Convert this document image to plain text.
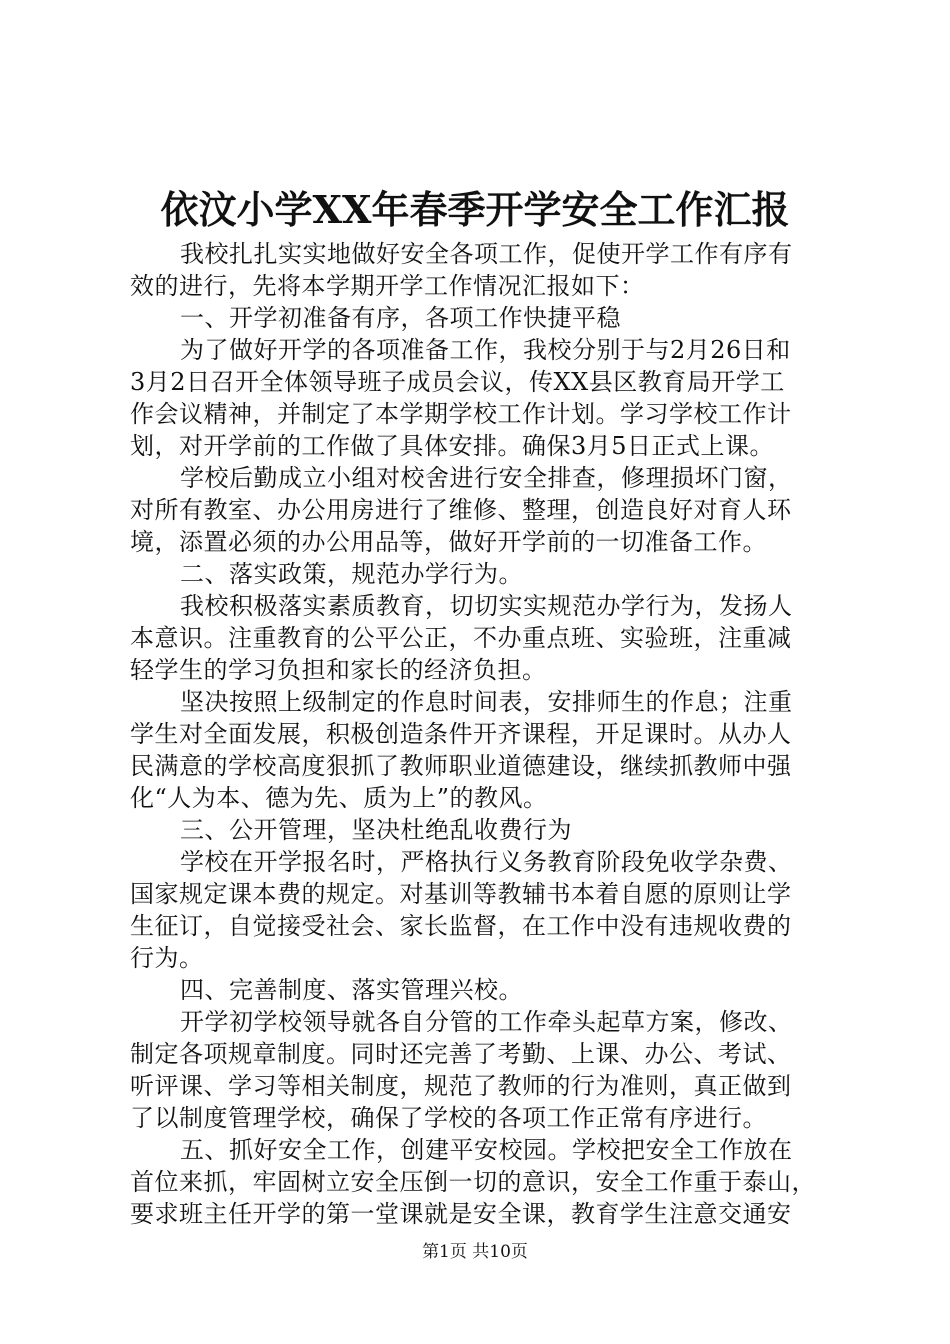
依汶小学XX年春季开学安全工作汇报
我校扎扎实实地做好安全各项工作，促使开学工作有序有
效的进行，先将本学期开学工作情况汇报如下：
一、开学初准备有序，各项工作快捷平稳
为了做好开学的各项准备工作，我校分别于与2月26日和
3月2日召开全体领导班子成员会议，传XX县区教育局开学工
作会议精神，并制定了本学期学校工作计划。学习学校工作计
划，对开学前的工作做了具体安排。确保3月5日正式上课。
学校后勤成立小组对校舍进行安全排查，修理损坏门窗，
对所有教室、办公用房进行了维修、整理，创造良好对育人环
境，添置必须的办公用品等，做好开学前的一切准备工作。
二、落实政策，规范办学行为。
我校积极落实素质教育，切切实实规范办学行为，发扬人
本意识。注重教育的公平公正，不办重点班、实验班，注重减
轻学生的学习负担和家长的经济负担。
坚决按照上级制定的作息时间表，安排师生的作息；注重
学生对全面发展，积极创造条件开齐课程，开足课时。从办人
民满意的学校高度狠抓了教师职业道德建设，继续抓教师中强
化“人为本、德为先、质为上”的教风。
三、公开管理，坚决杜绝乱收费行为
学校在开学报名时，严格执行义务教育阶段免收学杂费、
国家规定课本费的规定。对基训等教辅书本着自愿的原则让学
生征订，自觉接受社会、家长监督，在工作中没有违规收费的
行为。
四、完善制度、落实管理兴校。
开学初学校领导就各自分管的工作牵头起草方案，修改、
制定各项规章制度。同时还完善了考勤、上课、办公、考试、
听评课、学习等相关制度，规范了教师的行为准则，真正做到
了以制度管理学校，确保了学校的各项工作正常有序进行。
五、抓好安全工作，创建平安校园。学校把安全工作放在
首位来抓，牢固树立安全压倒一切的意识，安全工作重于泰山，
要求班主任开学的第一堂课就是安全课，教育学生注意交通安
第1页 共10页
